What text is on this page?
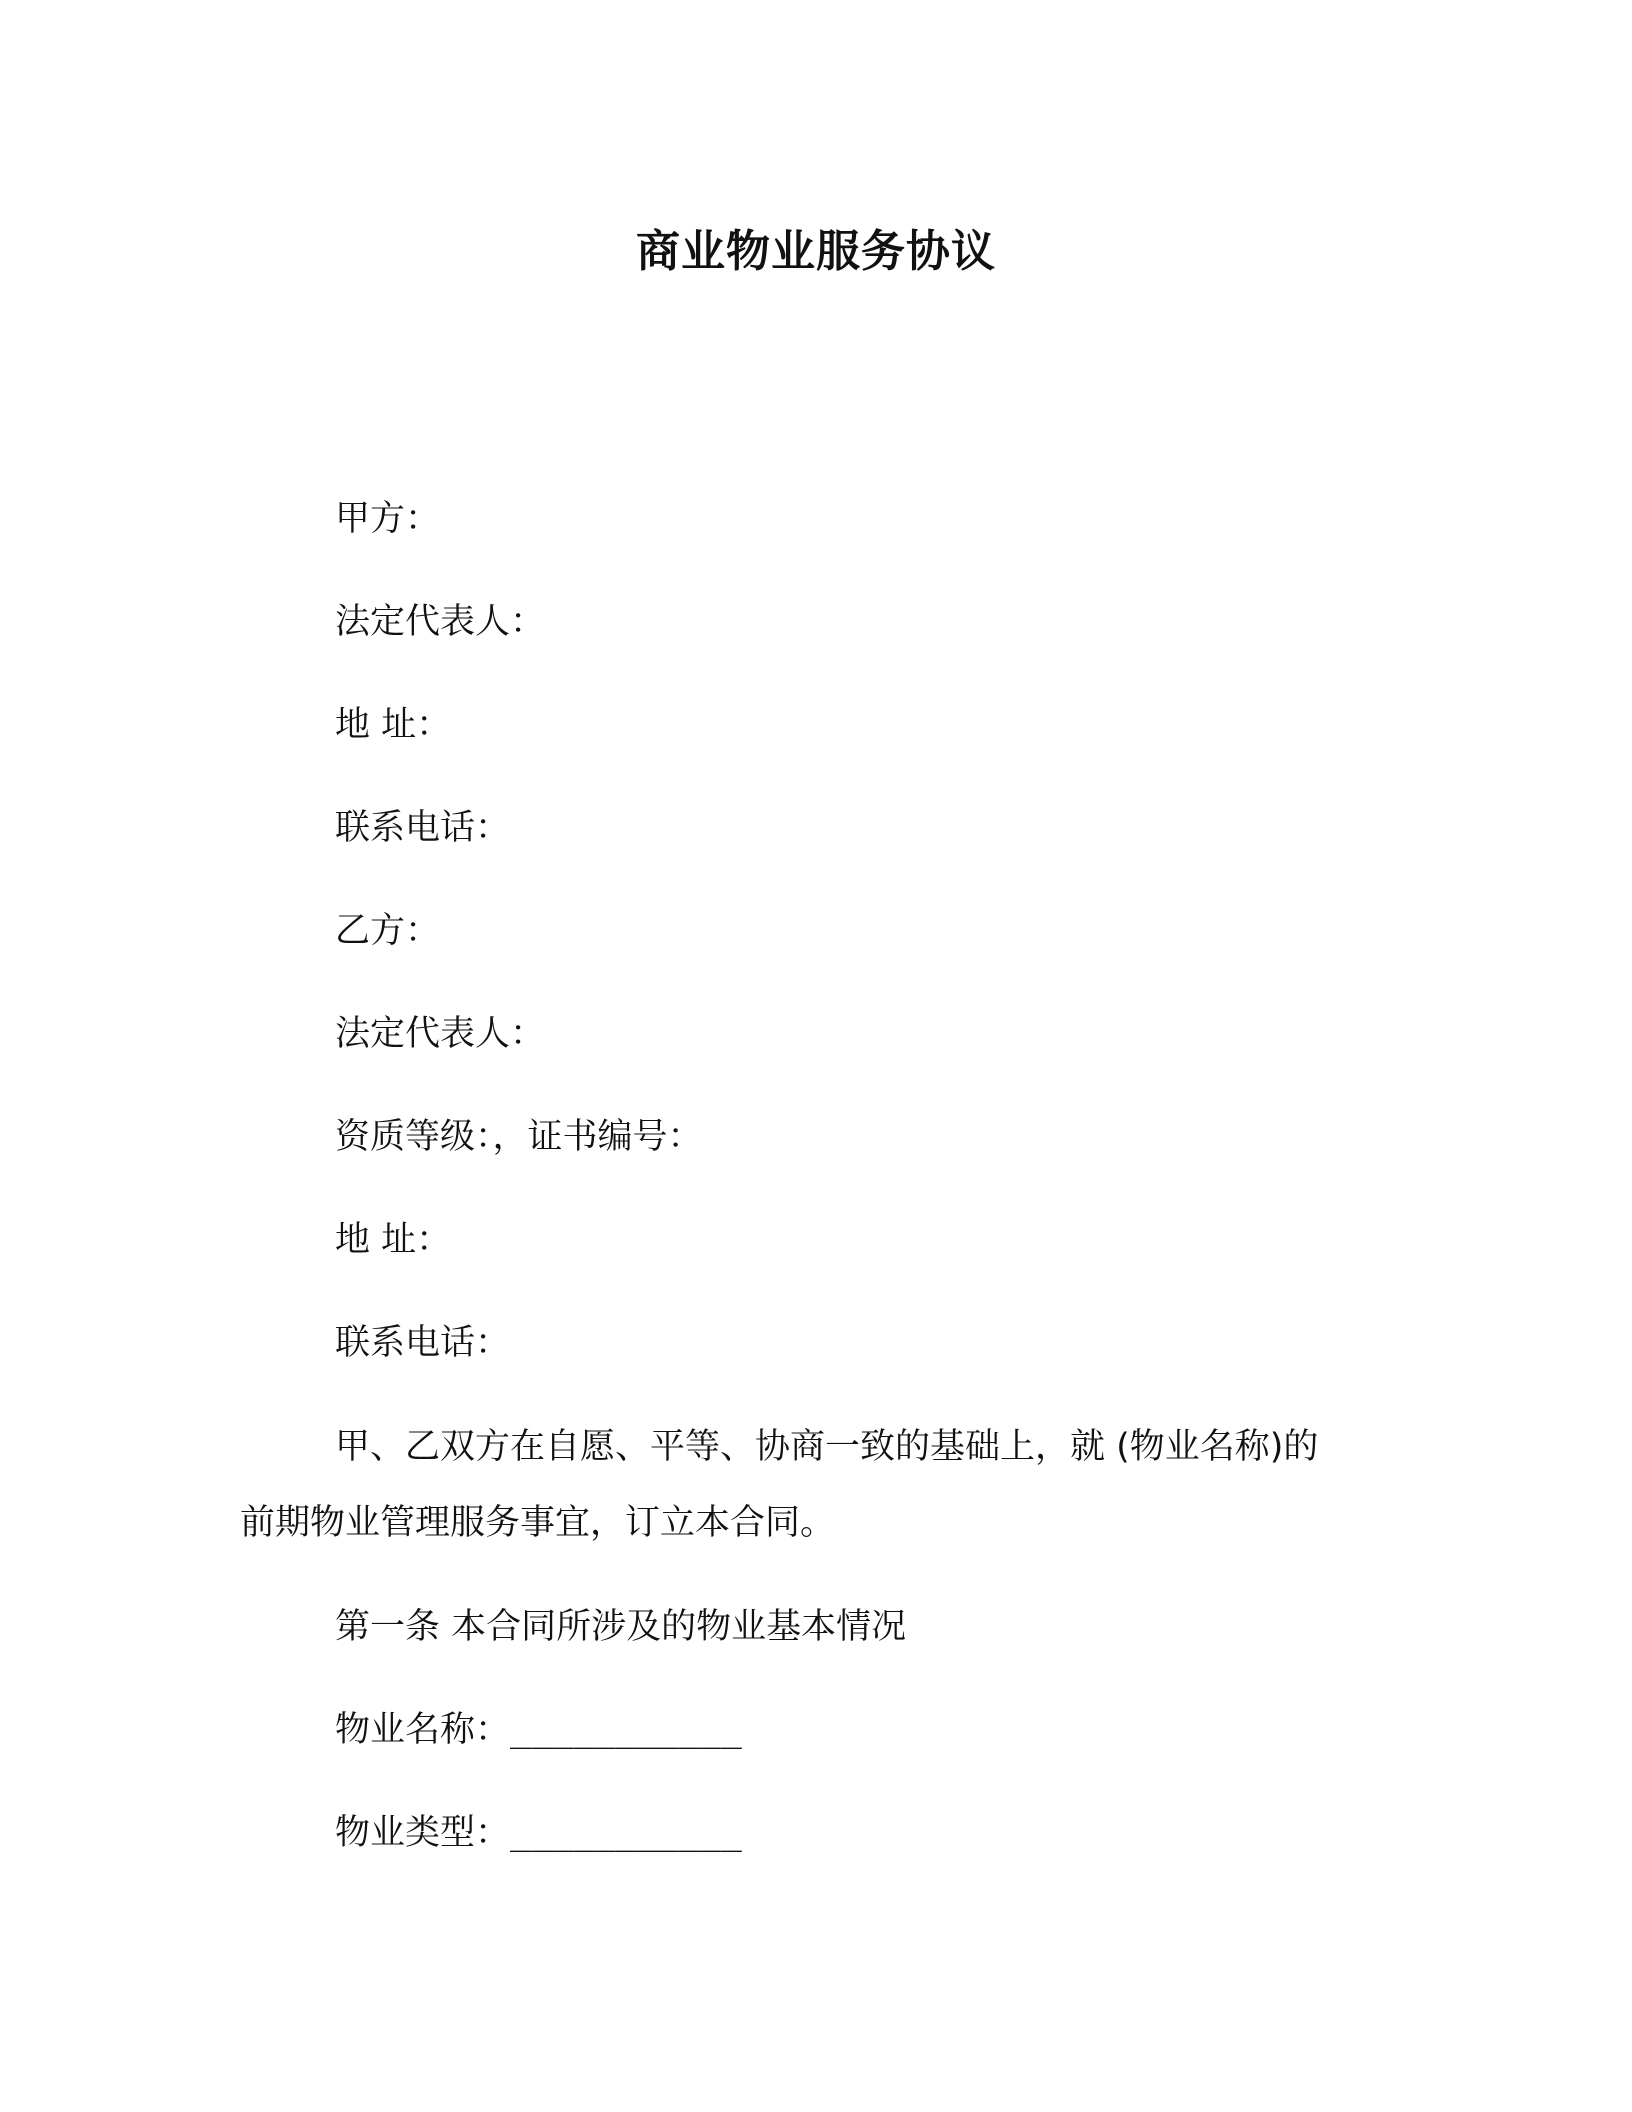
商业物业服务协议
甲方：
法定代表人：
地 址：
联系电话：
乙方：
法定代表人：
资质等级：，证书编号：
地 址：
联系电话：
甲、乙双方在自愿、平等、协商一致的基础上，就 (物业名称)的
前期物业管理服务事宜，订立本合同。
第一条 本合同所涉及的物业基本情况
物业名称：___________
物业类型：___________
